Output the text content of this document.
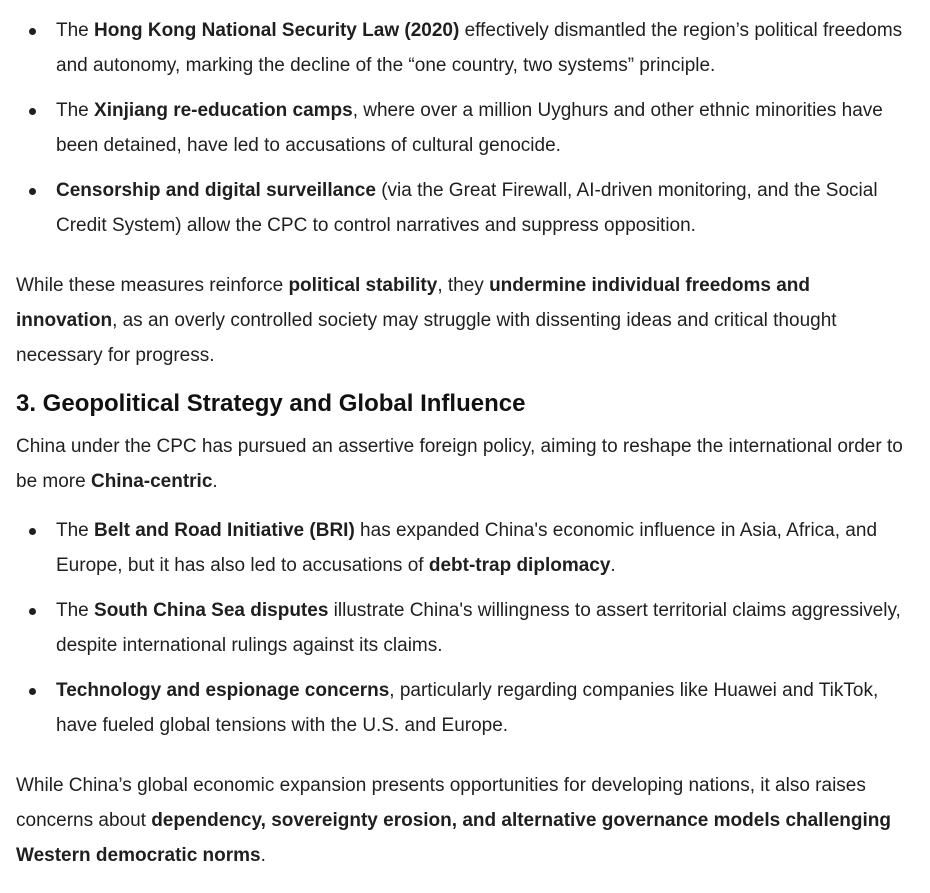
The Hong Kong National Security Law (2020) effectively dismantled the region’s political freedoms and autonomy, marking the decline of the “one country, two systems” principle.
The Xinjiang re-education camps, where over a million Uyghurs and other ethnic minorities have been detained, have led to accusations of cultural genocide.
Censorship and digital surveillance (via the Great Firewall, AI-driven monitoring, and the Social Credit System) allow the CPC to control narratives and suppress opposition.

While these measures reinforce political stability, they undermine individual freedoms and innovation, as an overly controlled society may struggle with dissenting ideas and critical thought necessary for progress.

3. Geopolitical Strategy and Global Influence

China under the CPC has pursued an assertive foreign policy, aiming to reshape the international order to be more China-centric.

The Belt and Road Initiative (BRI) has expanded China's economic influence in Asia, Africa, and Europe, but it has also led to accusations of debt-trap diplomacy.
The South China Sea disputes illustrate China's willingness to assert territorial claims aggressively, despite international rulings against its claims.
Technology and espionage concerns, particularly regarding companies like Huawei and TikTok, have fueled global tensions with the U.S. and Europe.

While China’s global economic expansion presents opportunities for developing nations, it also raises concerns about dependency, sovereignty erosion, and alternative governance models challenging Western democratic norms.
